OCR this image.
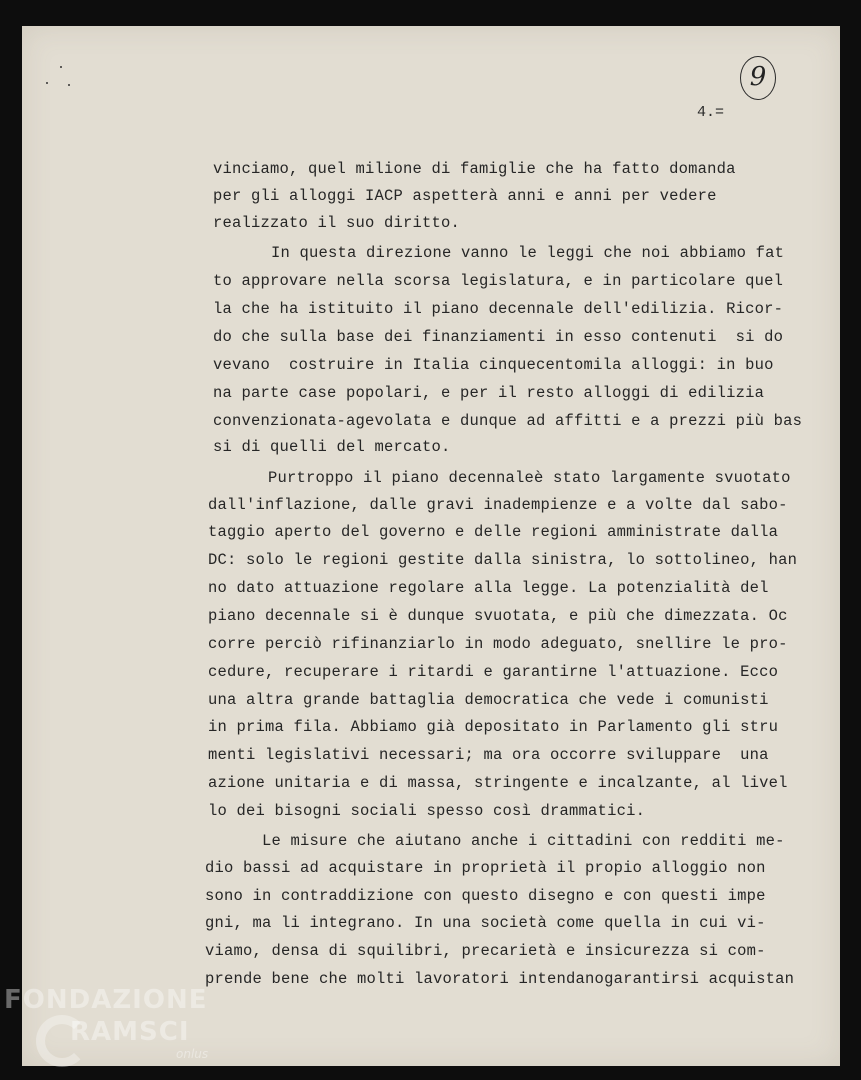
9
4.=
vinciamo, quel milione di famiglie che ha fatto domanda
per gli alloggi IACP aspetterà anni e anni per vedere
realizzato il suo diritto.
In questa direzione vanno le leggi che noi abbiamo fat
to approvare nella scorsa legislatura, e in particolare quel
la che ha istituito il piano decennale dell'edilizia. Ricor-
do che sulla base dei finanziamenti in esso contenuti  si do
vevano  costruire in Italia cinquecentomila alloggi: in buo
na parte case popolari, e per il resto alloggi di edilizia
convenzionata-agevolata e dunque ad affitti e a prezzi più bas
si di quelli del mercato.
Purtroppo il piano decennaleè stato largamente svuotato
dall'inflazione, dalle gravi inadempienze e a volte dal sabo-
taggio aperto del governo e delle regioni amministrate dalla
DC: solo le regioni gestite dalla sinistra, lo sottolineo, han
no dato attuazione regolare alla legge. La potenzialità del
piano decennale si è dunque svuotata, e più che dimezzata. Oc
corre perciò rifinanziarlo in modo adeguato, snellire le pro-
cedure, recuperare i ritardi e garantirne l'attuazione. Ecco
una altra grande battaglia democratica che vede i comunisti
in prima fila. Abbiamo già depositato in Parlamento gli stru
menti legislativi necessari; ma ora occorre sviluppare  una
azione unitaria e di massa, stringente e incalzante, al livel
lo dei bisogni sociali spesso così drammatici.
Le misure che aiutano anche i cittadini con redditi me-
dio bassi ad acquistare in proprietà il propio alloggio non
sono in contraddizione con questo disegno e con questi impe
gni, ma li integrano. In una società come quella in cui vi-
viamo, densa di squilibri, precarietà e insicurezza si com-
prende bene che molti lavoratori intendanogarantirsi acquistan
FONDAZIONE
RAMSCI
onlus
